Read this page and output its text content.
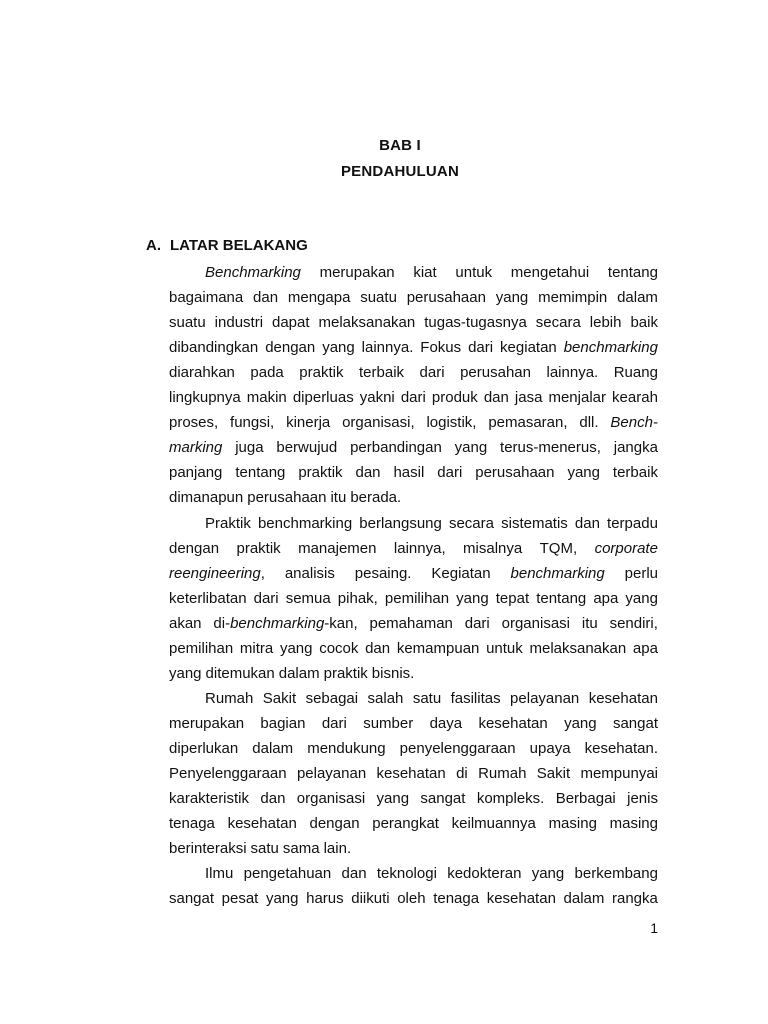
BAB I
PENDAHULUAN
A. LATAR BELAKANG
Benchmarking merupakan kiat untuk mengetahui tentang
bagaimana dan mengapa suatu perusahaan yang memimpin dalam
suatu industri dapat melaksanakan tugas-tugasnya secara lebih baik
dibandingkan dengan yang lainnya. Fokus dari kegiatan benchmarking
diarahkan pada praktik terbaik dari perusahan lainnya. Ruang
lingkupnya makin diperluas yakni dari produk dan jasa menjalar kearah
proses, fungsi, kinerja organisasi, logistik, pemasaran, dll. Bench-
marking juga berwujud perbandingan yang terus-menerus, jangka
panjang tentang praktik dan hasil dari perusahaan yang terbaik
dimanapun perusahaan itu berada.
Praktik benchmarking berlangsung secara sistematis dan terpadu
dengan praktik manajemen lainnya, misalnya TQM, corporate
reengineering, analisis pesaing. Kegiatan benchmarking perlu
keterlibatan dari semua pihak, pemilihan yang tepat tentang apa yang
akan di-benchmarking-kan, pemahaman dari organisasi itu sendiri,
pemilihan mitra yang cocok dan kemampuan untuk melaksanakan apa
yang ditemukan dalam praktik bisnis.
Rumah Sakit sebagai salah satu fasilitas pelayanan kesehatan
merupakan bagian dari sumber daya kesehatan yang sangat
diperlukan dalam mendukung penyelenggaraan upaya kesehatan.
Penyelenggaraan pelayanan kesehatan di Rumah Sakit mempunyai
karakteristik dan organisasi yang sangat kompleks. Berbagai jenis
tenaga kesehatan dengan perangkat keilmuannya masing masing
berinteraksi satu sama lain.
Ilmu pengetahuan dan teknologi kedokteran yang berkembang
sangat pesat yang harus diikuti oleh tenaga kesehatan dalam rangka
1
